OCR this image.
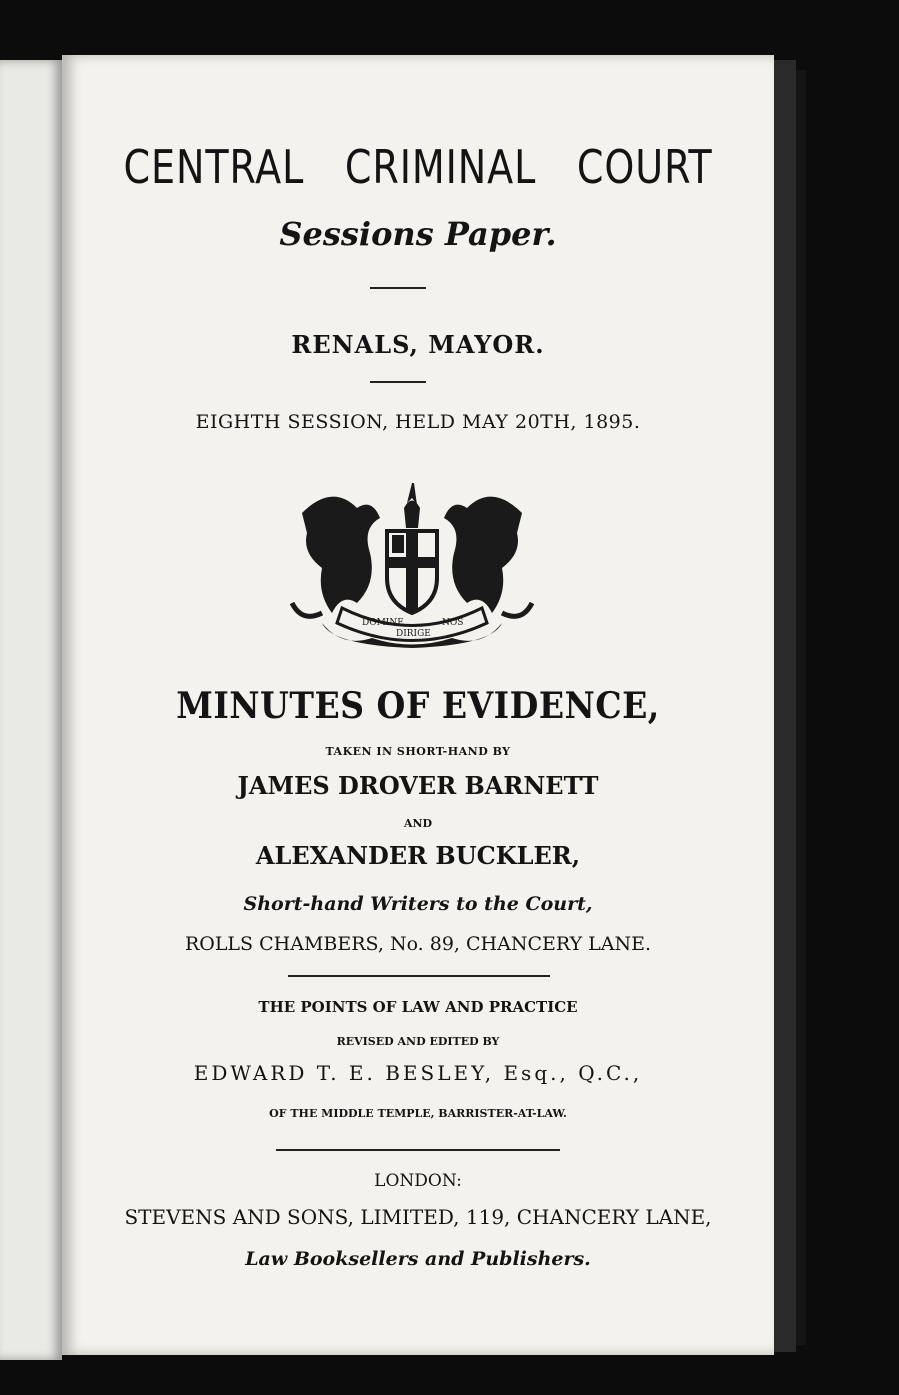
CENTRAL CRIMINAL COURT
Sessions Paper.
RENALS, MAYOR.
EIGHTH SESSION, HELD MAY 20TH, 1895.
DOMINE
DIRIGE
NOS
MINUTES OF EVIDENCE,
TAKEN IN SHORT-HAND BY
JAMES DROVER BARNETT
AND
ALEXANDER BUCKLER,
Short-hand Writers to the Court,
ROLLS CHAMBERS, No. 89, CHANCERY LANE.
THE POINTS OF LAW AND PRACTICE
REVISED AND EDITED BY
EDWARD T. E. BESLEY, Esq., Q.C.,
OF THE MIDDLE TEMPLE, BARRISTER-AT-LAW.
LONDON:
STEVENS AND SONS, LIMITED, 119, CHANCERY LANE,
Law Booksellers and Publishers.
